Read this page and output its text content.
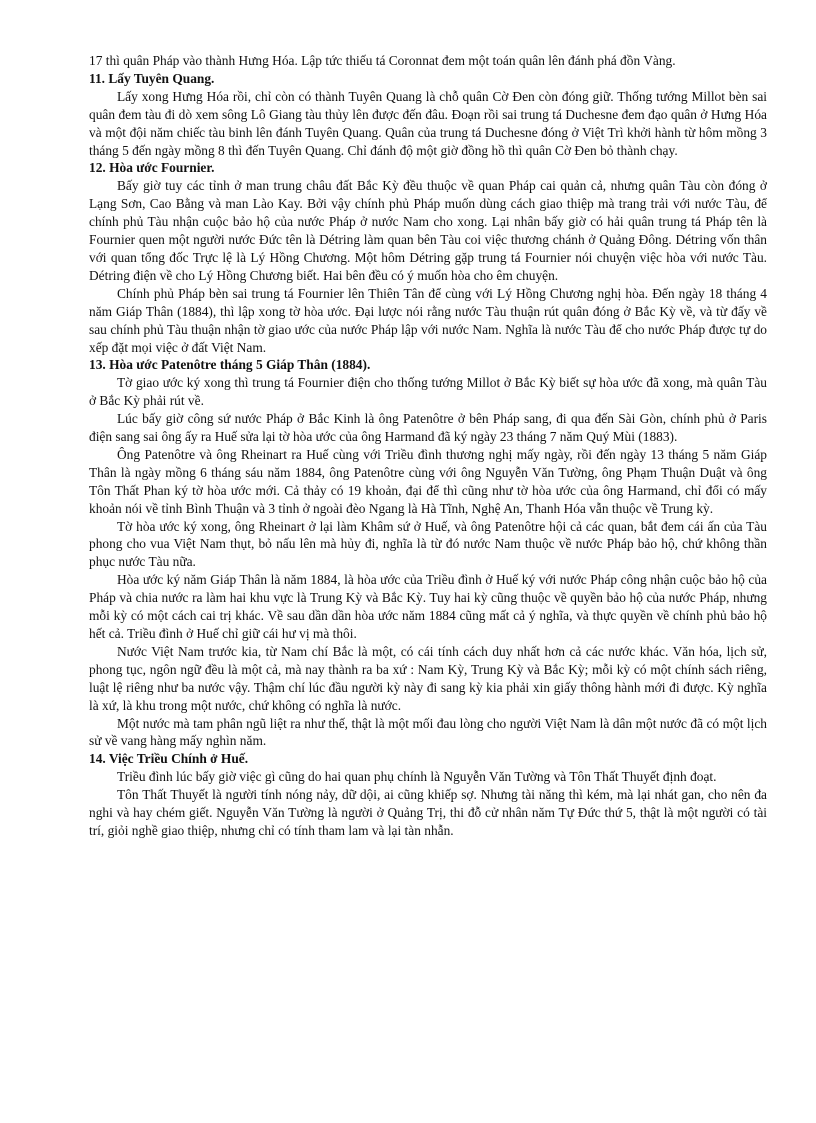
17 thì quân Pháp vào thành Hưng Hóa. Lập tức thiếu tá Coronnat đem một toán quân lên đánh phá đồn Vàng.

11. Lấy Tuyên Quang.

Lấy xong Hưng Hóa rồi, chỉ còn có thành Tuyên Quang là chỗ quân Cờ Đen còn đóng giữ. Thống tướng Millot bèn sai quân đem tàu đi dò xem sông Lô Giang tàu thủy lên được đến đâu. Đoạn rồi sai trung tá Duchesne đem đạo quân ở Hưng Hóa và một đội năm chiếc tàu binh lên đánh Tuyên Quang. Quân của trung tá Duchesne đóng ở Việt Trì khởi hành từ hôm mồng 3 tháng 5 đến ngày mồng 8 thì đến Tuyên Quang. Chỉ đánh độ một giờ đồng hồ thì quân Cờ Đen bỏ thành chạy.

12. Hòa ước Fournier.

Bấy giờ tuy các tỉnh ở man trung châu đất Bắc Kỳ đều thuộc về quan Pháp cai quản cả, nhưng quân Tàu còn đóng ở Lạng Sơn, Cao Bằng và man Lào Kay. Bởi vậy chính phủ Pháp muốn dùng cách giao thiệp mà trang trải với nước Tàu, để chính phủ Tàu nhận cuộc bảo hộ của nước Pháp ở nước Nam cho xong. Lại nhân bấy giờ có hải quân trung tá Pháp tên là Fournier quen một người nước Đức tên là Détring làm quan bên Tàu coi việc thương chánh ở Quảng Đông. Détring vốn thân với quan tổng đốc Trực lệ là Lý Hồng Chương. Một hôm Détring gặp trung tá Fournier nói chuyện việc hòa với nước Tàu. Détring điện về cho Lý Hồng Chương biết. Hai bên đều có ý muốn hòa cho êm chuyện.

Chính phủ Pháp bèn sai trung tá Fournier lên Thiên Tân để cùng với Lý Hồng Chương nghị hòa. Đến ngày 18 tháng 4 năm Giáp Thân (1884), thì lập xong tờ hòa ước. Đại lược nói rằng nước Tàu thuận rút quân đóng ở Bắc Kỳ về, và từ đấy về sau chính phủ Tàu thuận nhận tờ giao ước của nước Pháp lập với nước Nam. Nghĩa là nước Tàu để cho nước Pháp được tự do xếp đặt mọi việc ở đất Việt Nam.

13. Hòa ước Patenôtre tháng 5 Giáp Thân (1884).

Tờ giao ước ký xong thì trung tá Fournier điện cho thống tướng Millot ở Bắc Kỳ biết sự hòa ước đã xong, mà quân Tàu ở Bắc Kỳ phải rút về.

Lúc bấy giờ công sứ nước Pháp ở Bắc Kinh là ông Patenôtre ở bên Pháp sang, đi qua đến Sài Gòn, chính phủ ở Paris điện sang sai ông ấy ra Huế sửa lại tờ hòa ước của ông Harmand đã ký ngày 23 tháng 7 năm Quý Mùi (1883).

Ông Patenôtre và ông Rheinart ra Huế cùng với Triều đình thương nghị mấy ngày, rồi đến ngày 13 tháng 5 năm Giáp Thân là ngày mồng 6 tháng sáu năm 1884, ông Patenôtre cùng với ông Nguyễn Văn Tường, ông Phạm Thuận Duật và ông Tôn Thất Phan ký tờ hòa ước mới. Cả thảy có 19 khoản, đại để thì cũng như tờ hòa ước của ông Harmand, chỉ đổi có mấy khoản nói về tỉnh Bình Thuận và 3 tỉnh ở ngoài đèo Ngang là Hà Tĩnh, Nghệ An, Thanh Hóa vẫn thuộc về Trung kỳ.

Tờ hòa ước ký xong, ông Rheinart ở lại làm Khâm sứ ở Huế, và ông Patenôtre hội cả các quan, bắt đem cái ấn của Tàu phong cho vua Việt Nam thụt, bỏ nấu lên mà hủy đi, nghĩa là từ đó nước Nam thuộc về nước Pháp bảo hộ, chứ không thần phục nước Tàu nữa.

Hòa ước ký năm Giáp Thân là năm 1884, là hòa ước của Triều đình ở Huế ký với nước Pháp công nhận cuộc bảo hộ của Pháp và chia nước ra làm hai khu vực là Trung Kỳ và Bắc Kỳ. Tuy hai kỳ cũng thuộc về quyền bảo hộ của nước Pháp, nhưng mỗi kỳ có một cách cai trị khác. Về sau dần dần hòa ước năm 1884 cũng mất cả ý nghĩa, và thực quyền về chính phủ bảo hộ hết cả. Triều đình ở Huế chỉ giữ cái hư vị mà thôi.

Nước Việt Nam trước kia, từ Nam chí Bắc là một, có cái tính cách duy nhất hơn cả các nước khác. Văn hóa, lịch sử, phong tục, ngôn ngữ đều là một cả, mà nay thành ra ba xứ : Nam Kỳ, Trung Kỳ và Bắc Kỳ; mỗi kỳ có một chính sách riêng, luật lệ riêng như ba nước vậy. Thậm chí lúc đầu người kỳ này đi sang kỳ kia phải xin giấy thông hành mới đi được. Kỳ nghĩa là xứ, là khu trong một nước, chứ không có nghĩa là nước.

Một nước mà tam phân ngũ liệt ra như thế, thật là một mối đau lòng cho người Việt Nam là dân một nước đã có một lịch sử về vang hàng mấy nghìn năm.

14. Việc Triều Chính ở Huế.

Triều đình lúc bấy giờ việc gì cũng do hai quan phụ chính là Nguyễn Văn Tường và Tôn Thất Thuyết định đoạt.

Tôn Thất Thuyết là người tính nóng nảy, dữ dội, ai cũng khiếp sợ. Nhưng tài năng thì kém, mà lại nhát gan, cho nên đa nghi và hay chém giết. Nguyễn Văn Tường là người ở Quảng Trị, thi đỗ cử nhân năm Tự Đức thứ 5, thật là một người có tài trí, giỏi nghề giao thiệp, nhưng chỉ có tính tham lam và lại tàn nhẫn.
